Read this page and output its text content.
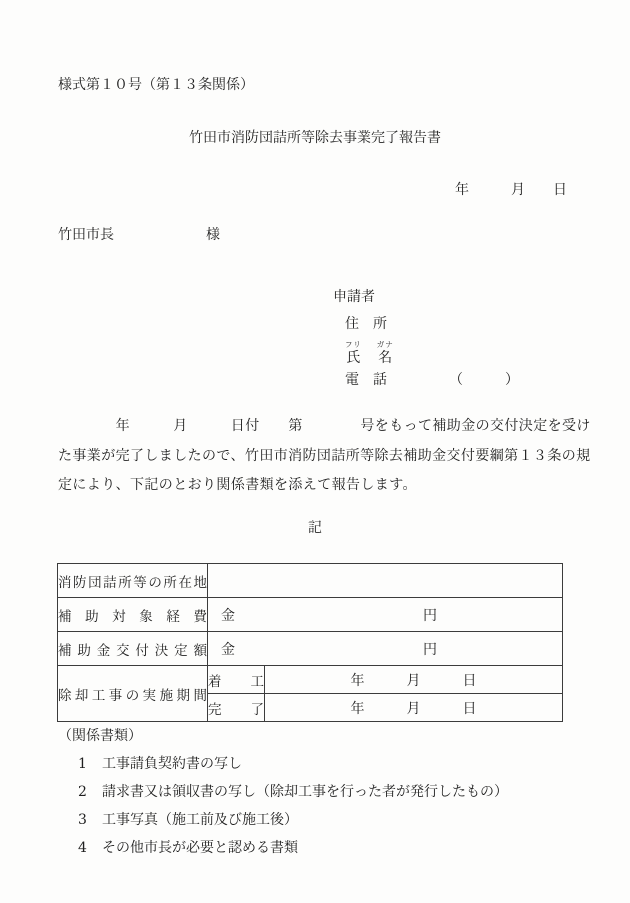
様式第１０号（第１３条関係）
竹田市消防団詰所等除去事業完了報告書
年　　　月　　日
竹田市長	様
申請者
住　所
フリ
氏
ガナ
名
電　話	（　　　）
　　　　年　　　月　　　日付　　第　　　　号をもって補助金の交付決定を受け
た事業が完了しましたので、竹田市消防団詰所等除去補助金交付要綱第１３条の規
定により、下記のとおり関係書類を添えて報告します。
記
消防団詰所等の所在地		
補助対象経費	金 円	

補助金交付決定額	金 円	

除却工事の実施期間	着工	年　　　月　　　日
	完了	年　　　月　　　日
（関係書類）
1 工事請負契約書の写し
2 請求書又は領収書の写し（除却工事を行った者が発行したもの）
3 工事写真（施工前及び施工後）
4 その他市長が必要と認める書類
